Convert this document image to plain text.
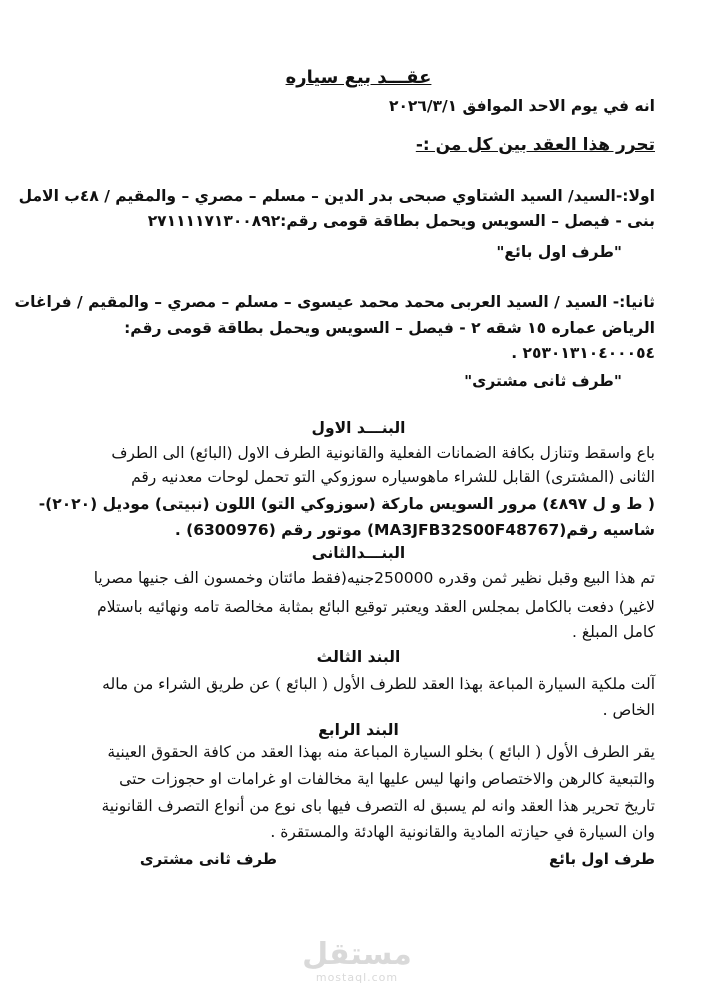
عقـــد بيع سياره
انه في يوم الاحد الموافق ٢٠٢٦/٣/١
تحرر هذا العقد بين كل من :-
اولا:-السيد/ السيد الشتاوي صبحى بدر الدين – مسلم – مصري – والمقيم / ٤٨ب الامل
بنى - فيصل – السويس ويحمل بطاقة قومى رقم:٢٧١١١١٧١٣٠٠٨٩٢
"طرف اول بائع"
ثانيا:- السيد / السيد العربى محمد محمد عيسوى – مسلم – مصري – والمقيم / فراغات
الرياض عماره ١٥ شقه ٢ - فيصل – السويس ويحمل بطاقة قومى رقم:
٢٥٣٠١٣١٠٤٠٠٠٥٤ .
"طرف ثانى مشترى"
البنـــد الاول
باع واسقط وتنازل بكافة الضمانات الفعلية والقانونية الطرف الاول (البائع) الى الطرف
الثانى (المشترى) القابل للشراء ماهوسياره سوزوكي التو تحمل لوحات معدنيه رقم
( ط و ل ٤٨٩٧) مرور السويس ماركة (سوزوكي التو) اللون (نبيتى) موديل (٢٠٢٠)-
شاسيه رقم(MA3JFB32S00F48767) موتور رقم (6300976) .
البنـــدالثانى
تم هذا البيع وقبل نظير ثمن وقدره 250000جنيه(فقط مائتان وخمسون الف جنيها مصريا
لاغير) دفعت بالكامل بمجلس العقد ويعتبر توقيع البائع بمثابة مخالصة تامه ونهائيه باستلام
كامل المبلغ .
البند الثالث
آلت ملكية السيارة المباعة بهذا العقد للطرف الأول ( البائع ) عن طريق الشراء من ماله
الخاص .
البند الرابع
يقر الطرف الأول ( البائع ) بخلو السيارة المباعة منه بهذا العقد من كافة الحقوق العينية
والتبعية كالرهن والاختصاص وانها ليس عليها اية مخالفات او غرامات او حجوزات حتى
تاريخ تحرير هذا العقد وانه لم يسبق له التصرف فيها باى نوع من أنواع التصرف القانونية
وان السيارة في حيازته المادية والقانونية الهادئة والمستقرة .
طرف اول بائع
طرف ثانى مشترى
مستقل
mostaql.com
